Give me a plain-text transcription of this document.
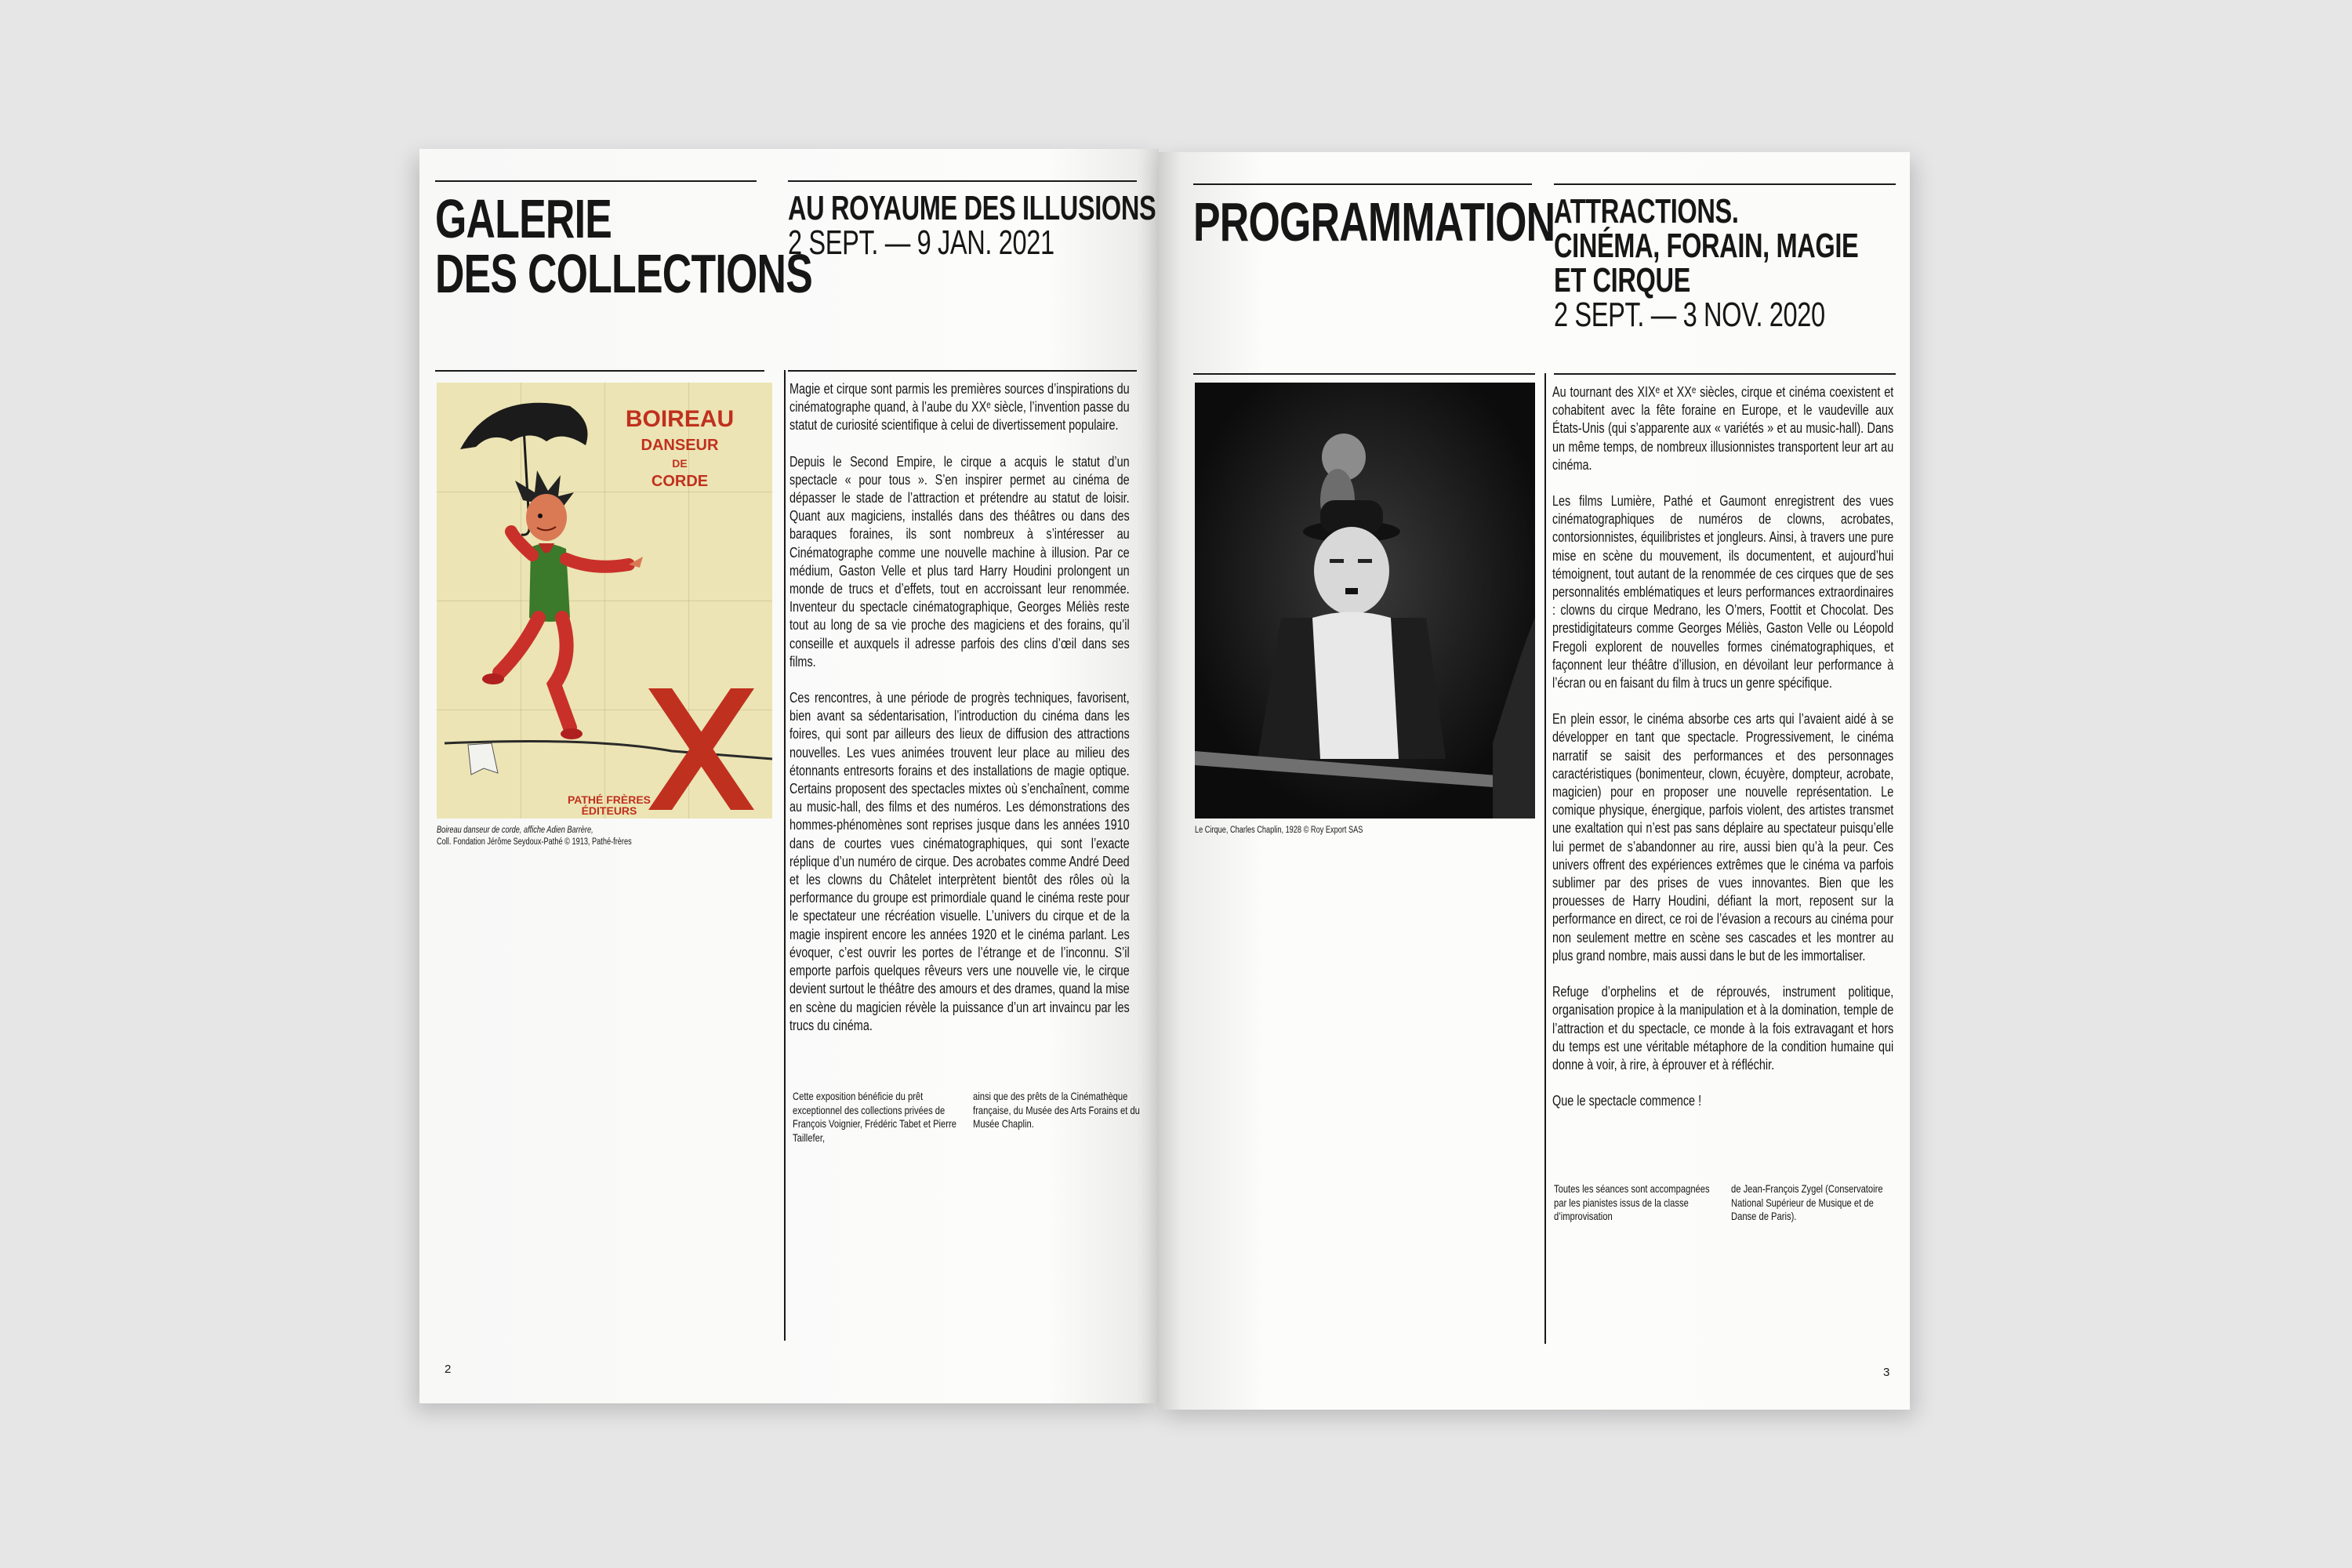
GALERIE
DES COLLECTIONS
AU ROYAUME DES ILLUSIONS
2 SEPT. — 9 JAN. 2021
BOIREAU
DANSEUR
DE
CORDE
PATHÉ FRÈRES ÉDITEURS
Boireau danseur de corde, affiche Adien Barrère,
Coll. Fondation Jérôme Seydoux-Pathé © 1913, Pathé-frères

Magie et cirque sont parmis les premières sources d’inspirations du cinématographe quand, à l’aube du XXᵉ siècle, l’invention passe du statut de curiosité scientifique à celui de divertissement populaire.

Depuis le Second Empire, le cirque a acquis le statut d’un spectacle « pour tous ». S’en inspirer permet au cinéma de dépasser le stade de l’attraction et prétendre au statut de loisir. Quant aux magiciens, installés dans des théâtres ou dans des baraques foraines, ils sont nombreux à s’intéresser au Cinématographe comme une nouvelle machine à illusion. Par ce médium, Gaston Velle et plus tard Harry Houdini prolongent un monde de trucs et d’effets, tout en accroissant leur renommée. Inventeur du spectacle cinématographique, Georges Méliès reste tout au long de sa vie proche des magiciens et des forains, qu’il conseille et auxquels il adresse parfois des clins d’œil dans ses films.

Ces rencontres, à une période de progrès techniques, favorisent, bien avant sa sédentarisation, l’introduction du cinéma dans les foires, qui sont par ailleurs des lieux de diffusion des attractions nouvelles. Les vues animées trouvent leur place au milieu des étonnants entresorts forains et des installations de magie optique. Certains proposent des spectacles mixtes où s’enchaînent, comme au music-hall, des films et des numéros. Les démonstrations des hommes-phénomènes sont reprises jusque dans les années 1910 dans de courtes vues cinématographiques, qui sont l’exacte réplique d’un numéro de cirque. Des acrobates comme André Deed et les clowns du Châtelet interprètent bientôt des rôles où la performance du groupe est primordiale quand le cinéma reste pour le spectateur une récréation visuelle. L’univers du cirque et de la magie inspirent encore les années 1920 et le cinéma parlant. Les évoquer, c’est ouvrir les portes de l’étrange et de l’inconnu. S’il emporte parfois quelques rêveurs vers une nouvelle vie, le cirque devient surtout le théâtre des amours et des drames, quand la mise en scène du magicien révèle la puissance d’un art invaincu par les trucs du cinéma.

Cette exposition bénéficie du prêt exceptionnel des collections privées de François Voignier, Frédéric Tabet et Pierre Taillefer,
ainsi que des prêts de la Cinémathèque française, du Musée des Arts Forains et du Musée Chaplin.
2
PROGRAMMATION
ATTRACTIONS.
CINÉMA, FORAIN, MAGIE
ET CIRQUE
2 SEPT. — 3 NOV. 2020
Le Cirque, Charles Chaplin, 1928 © Roy Export SAS

Au tournant des XIXᵉ et XXᵉ siècles, cirque et cinéma coexistent et cohabitent avec la fête foraine en Europe, et le vaudeville aux États-Unis (qui s’apparente aux « variétés » et au music-hall). Dans un même temps, de nombreux illusionnistes transportent leur art au cinéma.

Les films Lumière, Pathé et Gaumont enregistrent des vues cinématographiques de numéros de clowns, acrobates, contorsionnistes, équilibristes et jongleurs. Ainsi, à travers une pure mise en scène du mouvement, ils documentent, et aujourd’hui témoignent, tout autant de la renommée de ces cirques que de ses personnalités emblématiques et leurs performances extraordinaires : clowns du cirque Medrano, les O’mers, Foottit et Chocolat. Des prestidigitateurs comme Georges Méliès, Gaston Velle ou Léopold Fregoli explorent de nouvelles formes cinématographiques, et façonnent leur théâtre d’illusion, en dévoilant leur performance à l’écran ou en faisant du film à trucs un genre spécifique.

En plein essor, le cinéma absorbe ces arts qui l’avaient aidé à se développer en tant que spectacle. Progressivement, le cinéma narratif se saisit des performances et des personnages caractéristiques (bonimenteur, clown, écuyère, dompteur, acrobate, magicien) pour en proposer une nouvelle représentation. Le comique physique, énergique, parfois violent, des artistes transmet une exaltation qui n’est pas sans déplaire au spectateur puisqu’elle lui permet de s’abandonner au rire, aussi bien qu’à la peur. Ces univers offrent des expériences extrêmes que le cinéma va parfois sublimer par des prises de vues innovantes. Bien que les prouesses de Harry Houdini, défiant la mort, reposent sur la performance en direct, ce roi de l’évasion a recours au cinéma pour non seulement mettre en scène ses cascades et les montrer au plus grand nombre, mais aussi dans le but de les immortaliser.

Refuge d’orphelins et de réprouvés, instrument politique, organisation propice à la manipulation et à la domination, temple de l’attraction et du spectacle, ce monde à la fois extravagant et hors du temps est une véritable métaphore de la condition humaine qui donne à voir, à rire, à éprouver et à réfléchir.

Que le spectacle commence !

Toutes les séances sont accompagnées par les pianistes issus de la classe d’improvisation
de Jean-François Zygel (Conservatoire National Supérieur de Musique et de Danse de Paris).
3
